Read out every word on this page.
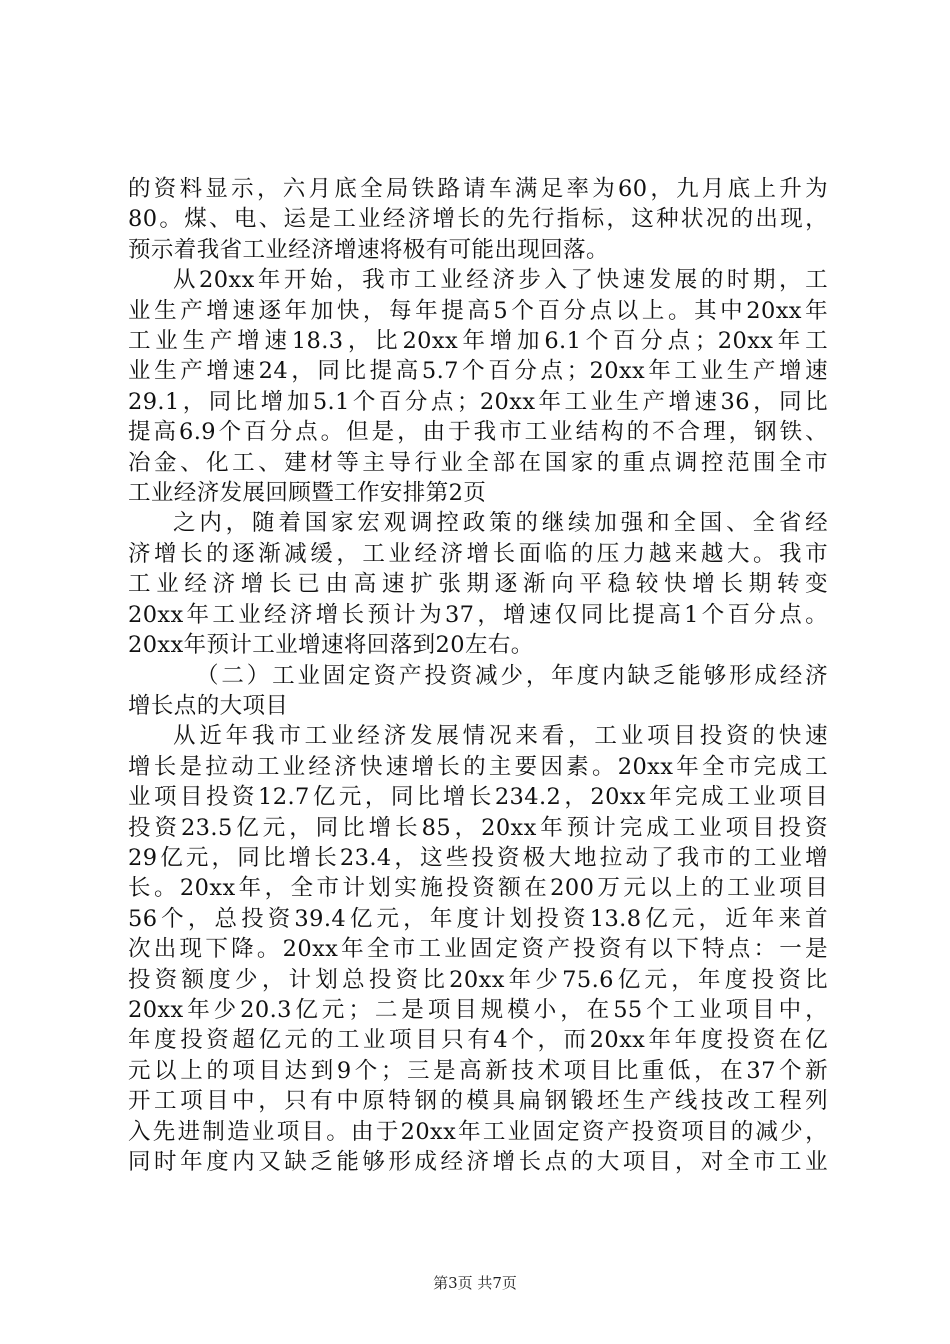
的资料显示，六月底全局铁路请车满足率为60，九月底上升为
80。煤、电、运是工业经济增长的先行指标，这种状况的出现，
预示着我省工业经济增速将极有可能出现回落。

从20xx年开始，我市工业经济步入了快速发展的时期，工
业生产增速逐年加快，每年提高5个百分点以上。其中20xx年
工业生产增速18.3，比20xx年增加6.1个百分点；20xx年工
业生产增速24，同比提高5.7个百分点；20xx年工业生产增速
29.1，同比增加5.1个百分点；20xx年工业生产增速36，同比
提高6.9个百分点。但是，由于我市工业结构的不合理，钢铁、
冶金、化工、建材等主导行业全部在国家的重点调控范围全市
工业经济发展回顾暨工作安排第2页

之内，随着国家宏观调控政策的继续加强和全国、全省经
济增长的逐渐减缓，工业经济增长面临的压力越来越大。我市
工业经济增长已由高速扩张期逐渐向平稳较快增长期转变
20xx年工业经济增长预计为37，增速仅同比提高1个百分点。
20xx年预计工业增速将回落到20左右。

（二）工业固定资产投资减少，年度内缺乏能够形成经济
增长点的大项目

从近年我市工业经济发展情况来看，工业项目投资的快速
增长是拉动工业经济快速增长的主要因素。20xx年全市完成工
业项目投资12.7亿元，同比增长234.2，20xx年完成工业项目
投资23.5亿元，同比增长85，20xx年预计完成工业项目投资
29亿元，同比增长23.4，这些投资极大地拉动了我市的工业增
长。20xx年，全市计划实施投资额在200万元以上的工业项目
56个，总投资39.4亿元，年度计划投资13.8亿元，近年来首
次出现下降。20xx年全市工业固定资产投资有以下特点：一是
投资额度少，计划总投资比20xx年少75.6亿元，年度投资比
20xx年少20.3亿元；二是项目规模小，在55个工业项目中，
年度投资超亿元的工业项目只有4个，而20xx年年度投资在亿
元以上的项目达到9个；三是高新技术项目比重低，在37个新
开工项目中，只有中原特钢的模具扁钢锻坯生产线技改工程列
入先进制造业项目。由于20xx年工业固定资产投资项目的减少，
同时年度内又缺乏能够形成经济增长点的大项目，对全市工业

第3页 共7页
